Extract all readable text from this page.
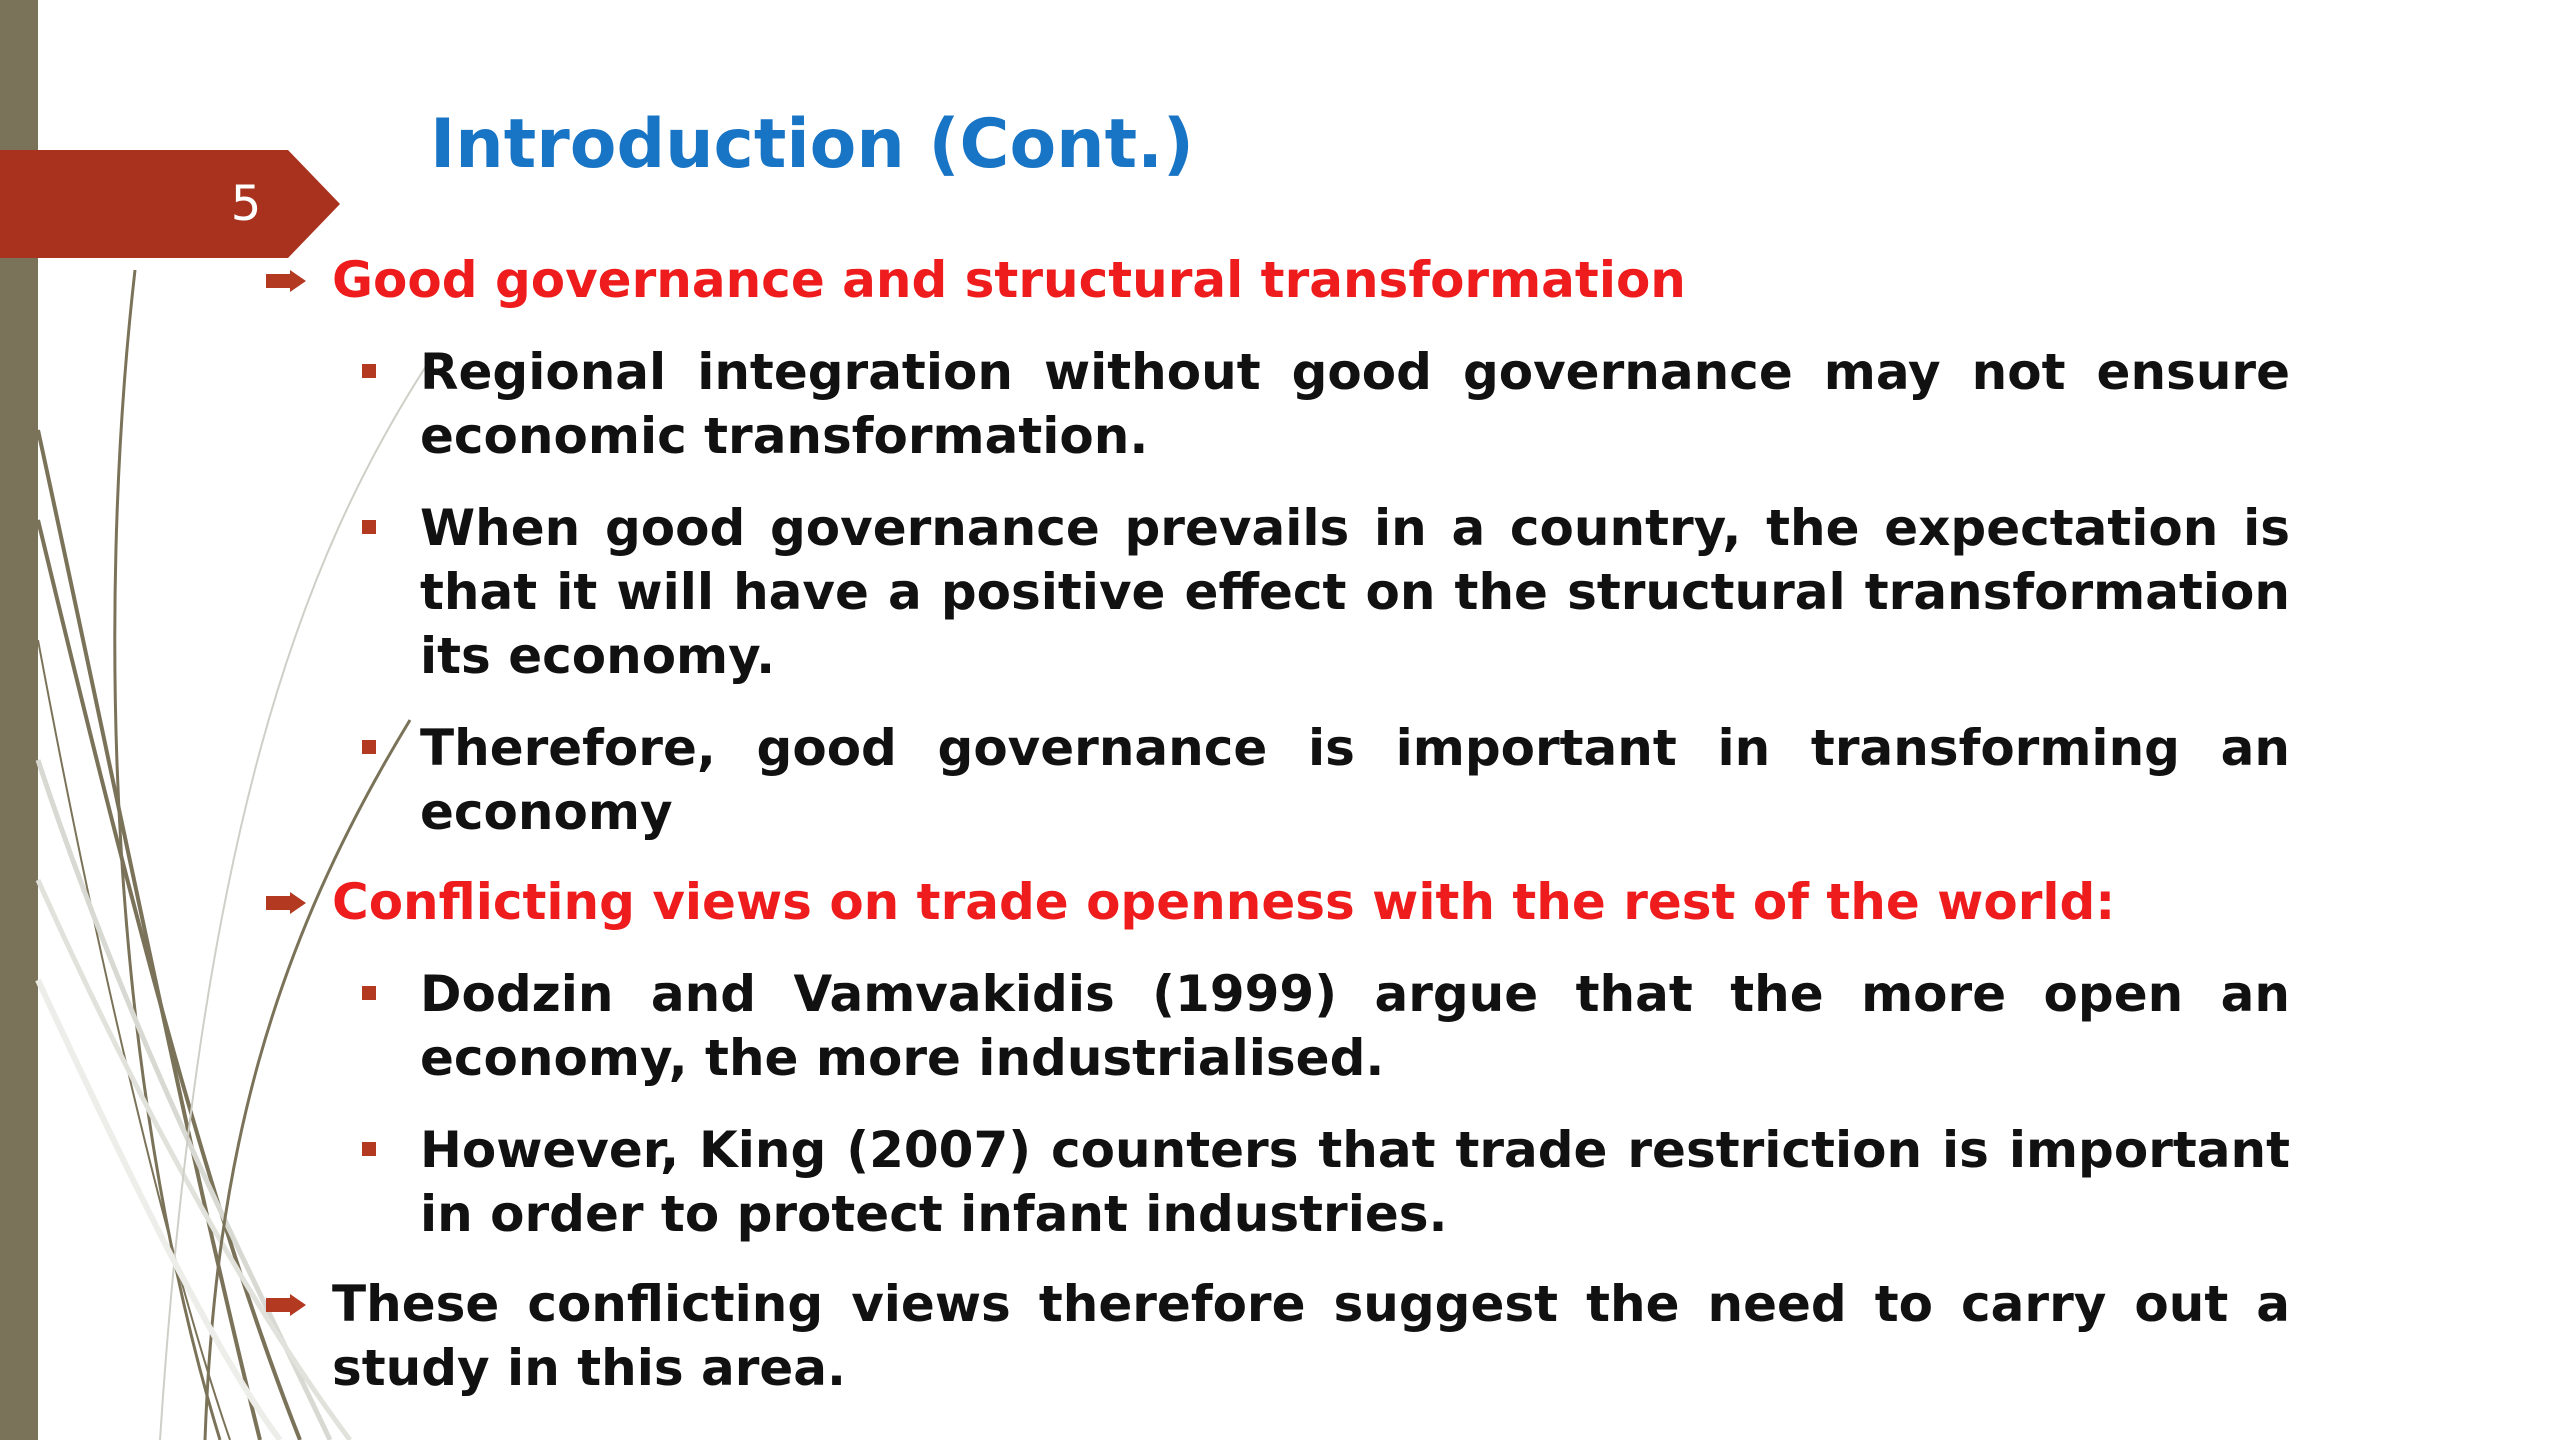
5
Introduction (Cont.)
Good governance and structural transformation
Regional integration without good governance may not ensure economic transformation.
When good governance prevails in a country, the expectation is that it will have a positive effect on the structural transformation its economy.
Therefore, good governance is important in transforming an economy
Conflicting views on trade openness with the rest of the world:
Dodzin and Vamvakidis (1999) argue that the more open an economy, the more industrialised.
However, King (2007) counters that trade restriction is important in order to protect infant industries.
These conflicting views therefore suggest the need to carry out a study in this area.
